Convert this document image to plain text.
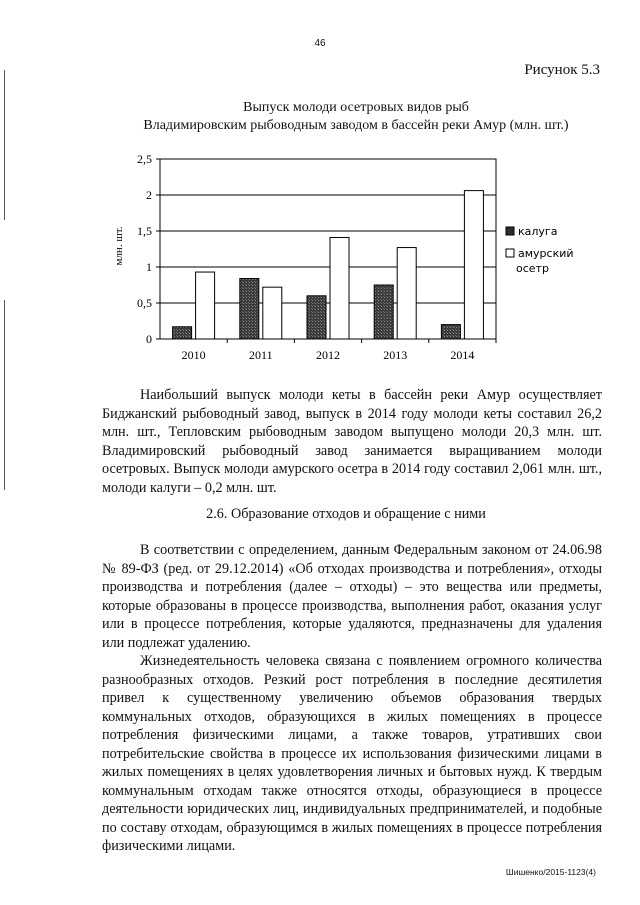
46
Рисунок 5.3
Выпуск молоди осетровых видов рыб
Владимировским рыбоводным заводом в бассейн реки Амур (млн. шт.)
0
0,5
1
1,5
2
2,5
2010	2011	2012	2013	2014
млн. шт.	калуга
амурский
осетр

Наибольший выпуск молоди кеты в бассейн реки Амур осуществляет Биджанский рыбоводный завод, выпуск в 2014 году молоди кеты составил 26,2 млн. шт., Тепловским рыбоводным заводом выпущено молоди 20,3 млн. шт. Владимировский рыбоводный завод занимается выращиванием молоди осетровых. Выпуск молоди амурского осетра в 2014 году составил 2,061 млн. шт., молоди калуги – 0,2 млн. шт.

2.6. Образование отходов и обращение с ними

В соответствии с определением, данным Федеральным законом от 24.06.98 № 89-ФЗ (ред. от 29.12.2014) «Об отходах производства и потребления», отходы производства и потребления (далее – отходы) – это вещества или предметы, которые образованы в процессе производства, выполнения работ, оказания услуг или в процессе потребления, которые удаляются, предназначены для удаления или подлежат удалению.

Жизнедеятельность человека связана с появлением огромного количества разнообразных отходов. Резкий рост потребления в последние десятилетия привел к существенному увеличению объемов образования твердых коммунальных отходов, образующихся в жилых помещениях в процессе потребления физическими лицами, а также товаров, утративших свои потребительские свойства в процессе их использования физическими лицами в жилых помещениях в целях удовлетворения личных и бытовых нужд. К твердым коммунальным отходам также относятся отходы, образующиеся в процессе деятельности юридических лиц, индивидуальных предпринимателей, и подобные по составу отходам, образующимся в жилых помещениях в процессе потребления физическими лицами.

Шишенко/2015-1123(4)
